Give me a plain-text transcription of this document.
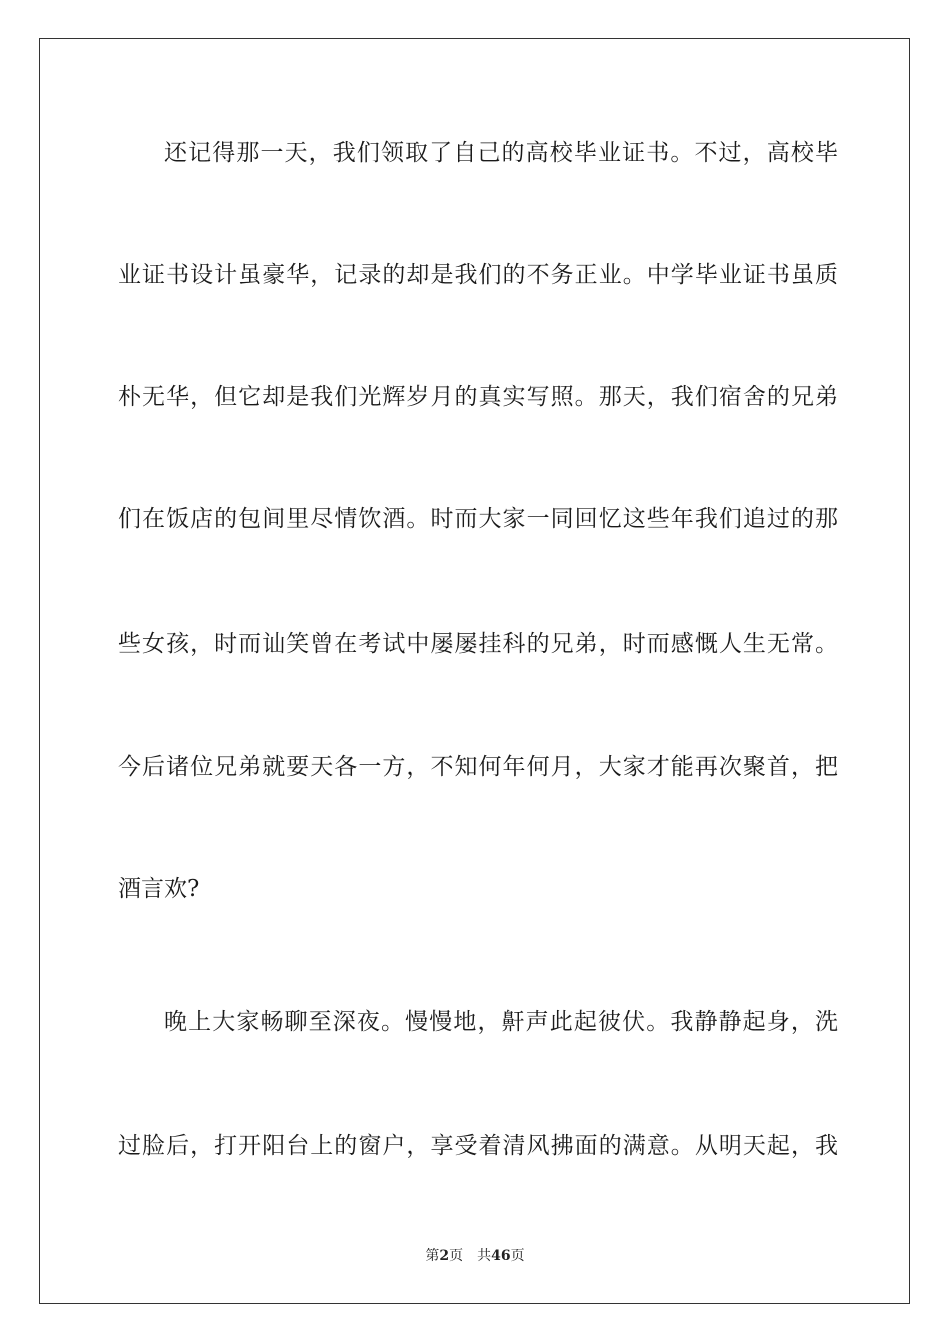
还记得那一天，我们领取了自己的高校毕业证书。不过，高校毕
业证书设计虽豪华，记录的却是我们的不务正业。中学毕业证书虽质
朴无华，但它却是我们光辉岁月的真实写照。那天，我们宿舍的兄弟
们在饭店的包间里尽情饮酒。时而大家一同回忆这些年我们追过的那
些女孩，时而讪笑曾在考试中屡屡挂科的兄弟，时而感慨人生无常。
今后诸位兄弟就要天各一方，不知何年何月，大家才能再次聚首，把
酒言欢?
晚上大家畅聊至深夜。慢慢地，鼾声此起彼伏。我静静起身，洗
过脸后，打开阳台上的窗户，享受着清风拂面的满意。从明天起，我
第2页 共46页
